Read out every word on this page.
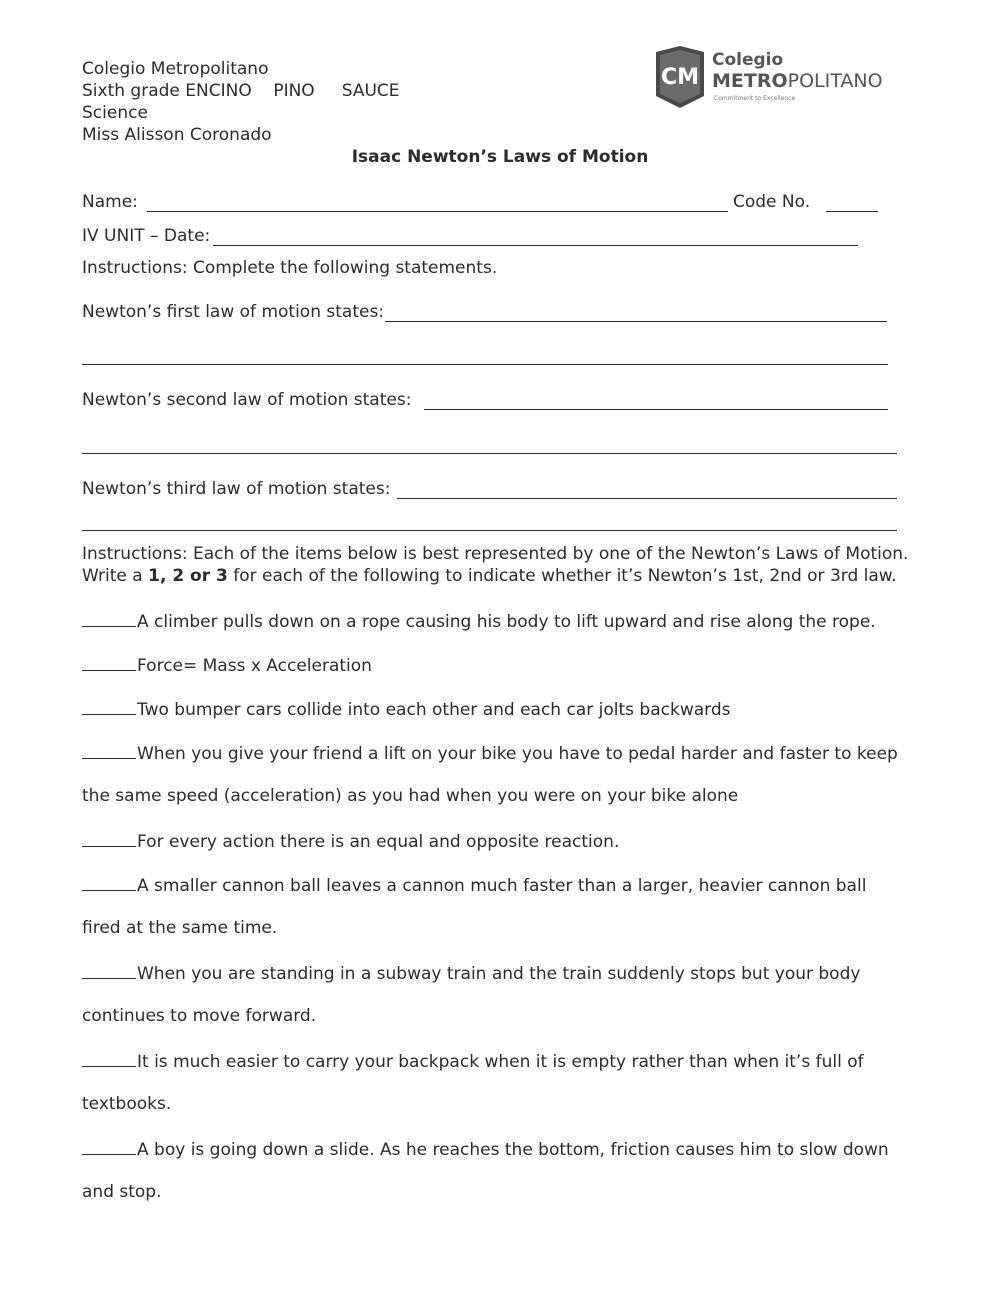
Colegio Metropolitano
Sixth grade ENCINO    PINO     SAUCE
Science
Miss Alisson Coronado
CM
Colegio
METROPOLITANO
Commitment to Excellence
Isaac Newton’s Laws of Motion
Name:	Code No.
IV UNIT – Date:
Instructions: Complete the following statements.
Newton’s first law of motion states:
Newton’s second law of motion states:
Newton’s third law of motion states:
Instructions: Each of the items below is best represented by one of the Newton’s Laws of Motion.
Write a 1, 2 or 3 for each of the following to indicate whether it’s Newton’s 1st, 2nd or 3rd law.
A climber pulls down on a rope causing his body to lift upward and rise along the rope.
Force= Mass x Acceleration
Two bumper cars collide into each other and each car jolts backwards
When you give your friend a lift on your bike you have to pedal harder and faster to keep
the same speed (acceleration) as you had when you were on your bike alone
For every action there is an equal and opposite reaction.
A smaller cannon ball leaves a cannon much faster than a larger, heavier cannon ball
fired at the same time.
When you are standing in a subway train and the train suddenly stops but your body
continues to move forward.
It is much easier to carry your backpack when it is empty rather than when it’s full of
textbooks.
A boy is going down a slide. As he reaches the bottom, friction causes him to slow down
and stop.
